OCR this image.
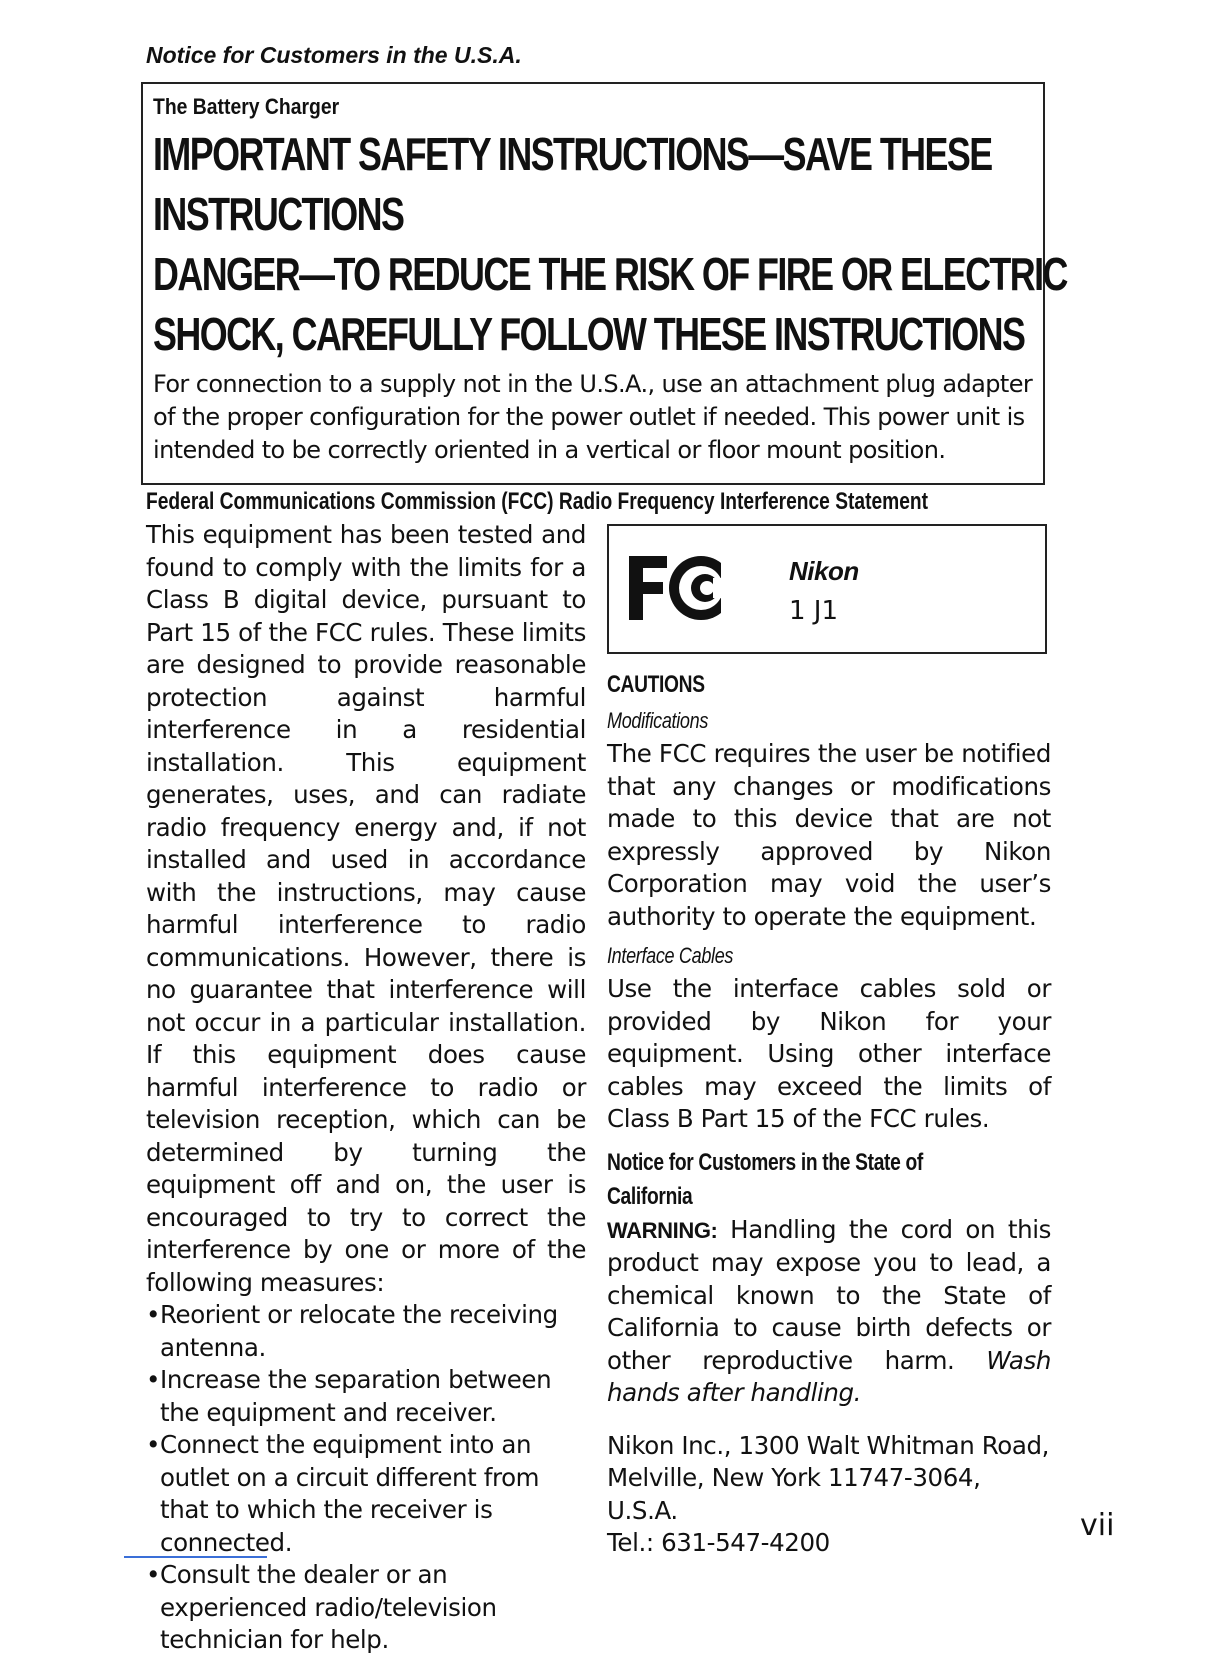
Notice for Customers in the U.S.A.
The Battery Charger
IMPORTANT SAFETY INSTRUCTIONS—SAVE THESE
INSTRUCTIONS
DANGER—TO REDUCE THE RISK OF FIRE OR ELECTRIC
SHOCK, CAREFULLY FOLLOW THESE INSTRUCTIONS
For connection to a supply not in the U.S.A., use an attachment plug adapter of the proper configuration for the power outlet if needed. This power unit is intended to be correctly oriented in a vertical or floor mount position.
Federal Communications Commission (FCC) Radio Frequency Interference Statement

This equipment has been tested and found to comply with the limits for a Class B digital device, pursuant to Part 15 of the FCC rules. These limits are designed to provide reasonable protection against harmful interference in a residential installation. This equipment generates, uses, and can radiate radio frequency energy and, if not installed and used in accordance with the instructions, may cause harmful interference to radio communications. However, there is no guarantee that interference will not occur in a particular installation. If this equipment does cause harmful interference to radio or television reception, which can be determined by turning the equipment off and on, the user is encouraged to try to correct the interference by one or more of the following measures:

• Reorient or relocate the receiving antenna.
• Increase the separation between the equipment and receiver.
• Connect the equipment into an outlet on a circuit different from that to which the receiver is connected.
• Consult the dealer or an experienced radio/television technician for help.
Nikon
1 J1
CAUTIONS
Modifications

The FCC requires the user be notified that any changes or modifications made to this device that are not expressly approved by Nikon Corporation may void the user’s authority to operate the equipment.

Interface Cables

Use the interface cables sold or provided by Nikon for your equipment. Using other interface cables may exceed the limits of Class B Part 15 of the FCC rules.

Notice for Customers in the State of
California

WARNING: Handling the cord on this product may expose you to lead, a chemical known to the State of California to cause birth defects or other reproductive harm. Wash hands after handling.

Nikon Inc., 1300 Walt Whitman Road,
Melville, New York 11747-3064, U.S.A.
Tel.: 631-547-4200	vii
